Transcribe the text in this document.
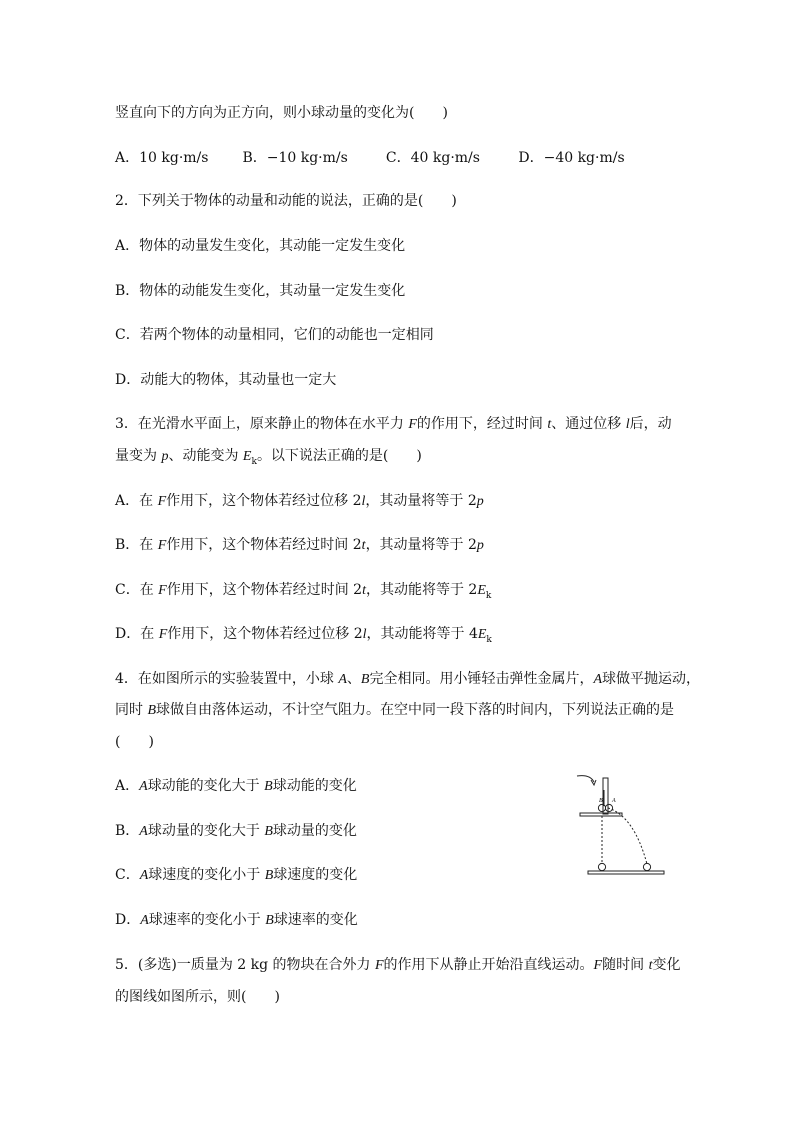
竖直向下的方向为正方向，则小球动量的变化为(　　)
A．10 kg·m/s B．−10 kg·m/s	C．40 kg·m/s	D．−40 kg·m/s
2．下列关于物体的动量和动能的说法，正确的是(　　)
A．物体的动量发生变化，其动能一定发生变化
B．物体的动能发生变化，其动量一定发生变化
C．若两个物体的动量相同，它们的动能也一定相同
D．动能大的物体，其动量也一定大
3．在光滑水平面上，原来静止的物体在水平力 F的作用下，经过时间 t、通过位移 l后，动
量变为 p、动能变为 $E_k$。以下说法正确的是(　　)
A．在 F作用下，这个物体若经过位移 2l，其动量将等于 2p
B．在 F作用下，这个物体若经过时间 2t，其动量将等于 2p
C．在 F作用下，这个物体若经过时间 2t，其动能将等于 $2E_k$
D．在 F作用下，这个物体若经过位移 2l，其动能将等于 $4E_k$
4．在如图所示的实验装置中，小球 A、B完全相同。用小锤轻击弹性金属片，A球做平抛运动，
同时 B球做自由落体运动，不计空气阻力。在空中同一段下落的时间内，下列说法正确的是
(　　)
A．A球动能的变化大于 B球动能的变化
B．A球动量的变化大于 B球动量的变化
C．A球速度的变化小于 B球速度的变化
D．A球速率的变化小于 B球速率的变化
B A
5．(多选)一质量为 2 kg 的物块在合外力 F的作用下从静止开始沿直线运动。F随时间 t变化
的图线如图所示，则(　　)
